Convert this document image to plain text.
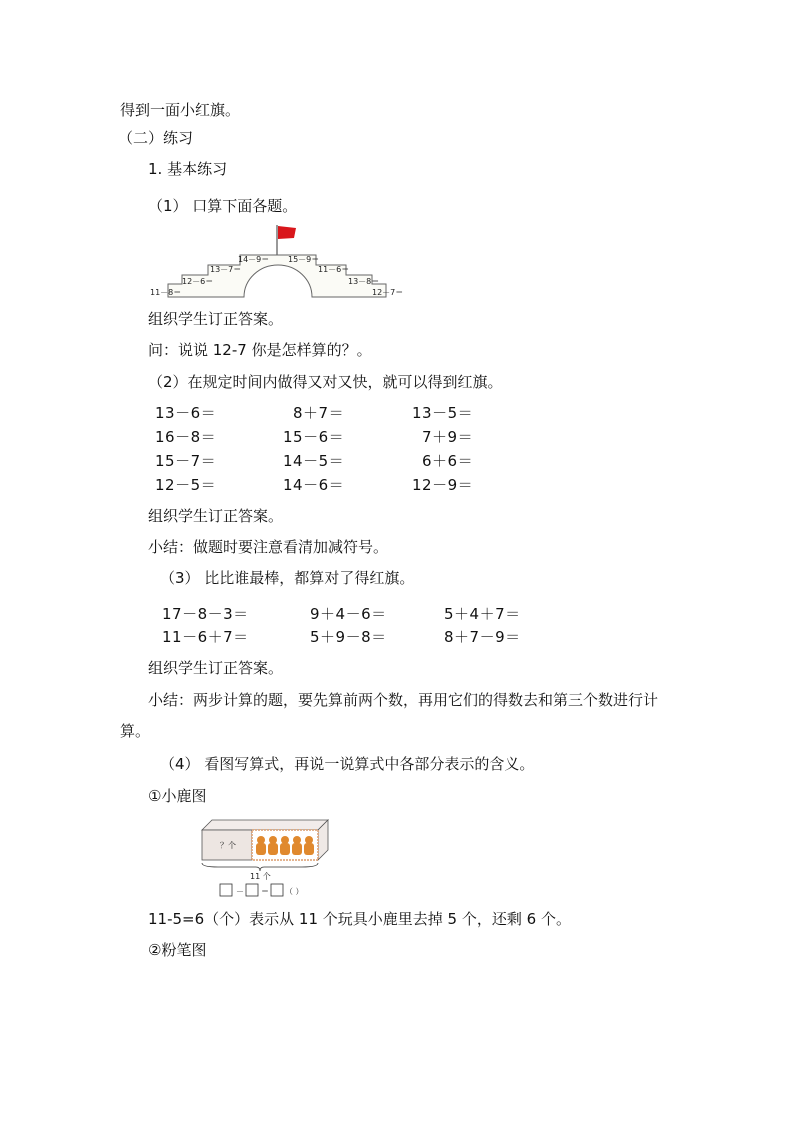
得到一面小红旗。
（二）练习
1. 基本练习
（1） 口算下面各题。
14－9＝ 15－9＝
13－7＝	11－6＝
12－6＝	13－8＝
11－8＝	12－7＝
组织学生订正答案。
问：说说 12-7 你是怎样算的？。
（2）在规定时间内做得又对又快，就可以得到红旗。
13－6＝	8＋7＝	13－5＝
16－8＝	15－6＝	7＋9＝
15－7＝	14－5＝	6＋6＝
12－5＝	14－6＝	12－9＝
组织学生订正答案。
小结：做题时要注意看清加减符号。
（3） 比比谁最棒，都算对了得红旗。
17－8－3＝	9＋4－6＝	5＋4＋7＝
11－6＋7＝	5＋9－8＝	8＋7－9＝
组织学生订正答案。
小结：两步计算的题，要先算前两个数，再用它们的得数去和第三个数进行计
算。
（4） 看图写算式，再说一说算式中各部分表示的含义。
①小鹿图
？个
11 个
－ ＝ （ ）
11-5=6（个）表示从 11 个玩具小鹿里去掉 5 个，还剩 6 个。
②粉笔图
